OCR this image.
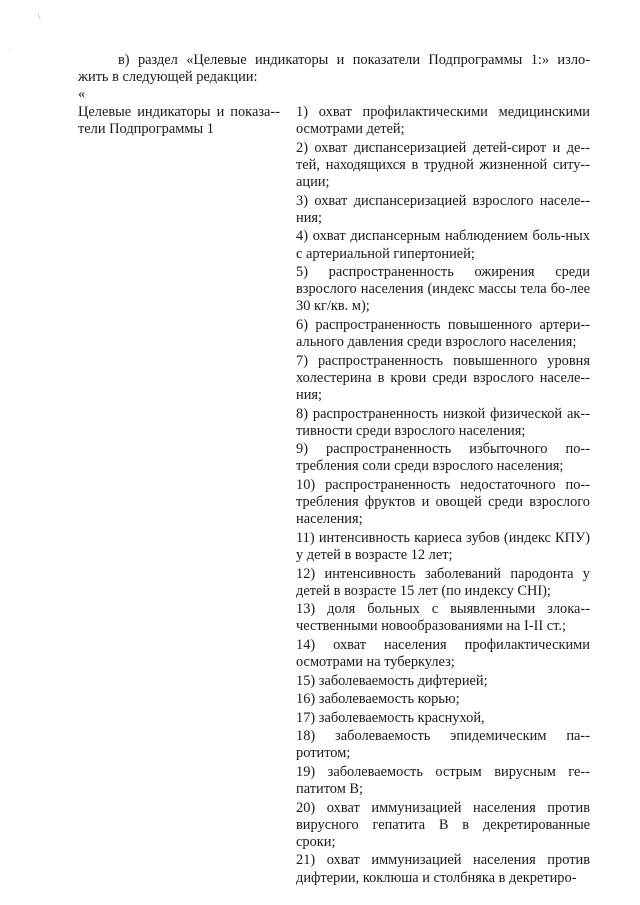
\
·
в) раздел «Целевые индикаторы и показатели Подпрограммы 1:» изло-
жить в следующей редакции:
«
Целевые индикаторы и показа-тели Подпрограммы 1
1) охват профилактическими медицинскими осмотрами детей;
2) охват диспансеризацией детей-сирот и де-тей, находящихся в трудной жизненной ситу-ации;
3) охват диспансеризацией взрослого населе-ния;
4) охват диспансерным наблюдением боль-ных с артериальной гипертонией;
5) распространенность ожирения среди взрослого населения (индекс массы тела бо-лее 30 кг/кв. м);
6) распространенность повышенного артери-ального давления среди взрослого населения;
7) распространенность повышенного уровня холестерина в крови среди взрослого населе-ния;
8) распространенность низкой физической ак-тивности среди взрослого населения;
9) распространенность избыточного по-требления соли среди взрослого населения;
10) распространенность недостаточного по-требления фруктов и овощей среди взрослого населения;
11) интенсивность кариеса зубов (индекс КПУ) у детей в возрасте 12 лет;
12) интенсивность заболеваний пародонта у детей в возрасте 15 лет (по индексу CHI);
13) доля больных с выявленными злока-чественными новообразованиями на I-II ст.;
14) охват населения профилактическими осмотрами на туберкулез;
15) заболеваемость дифтерией;
16) заболеваемость корью;
17) заболеваемость краснухой,
18) заболеваемость эпидемическим па-ротитом;
19) заболеваемость острым вирусным ге-патитом В;
20) охват иммунизацией населения против вирусного гепатита В в декретированные сроки;
21) охват иммунизацией населения против дифтерии, коклюша и столбняка в декретиро-
